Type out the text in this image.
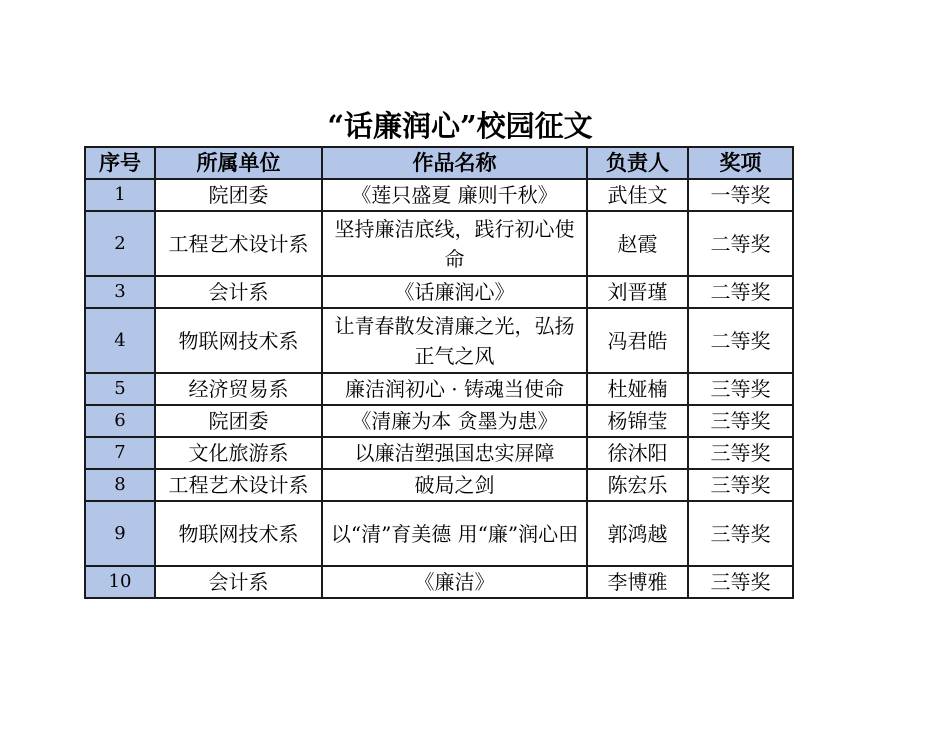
“话廉润心”校园征文
序号	所属单位	作品名称	负责人	奖项
1	院团委	《莲只盛夏 廉则千秋》	武佳文	一等奖
2	工程艺术设计系	坚持廉洁底线，践行初心使命	赵霞	二等奖
3	会计系	《话廉润心》	刘晋瑾	二等奖
4	物联网技术系	让青春散发清廉之光，弘扬正气之风	冯君皓	二等奖
5	经济贸易系	廉洁润初心 · 铸魂当使命	杜娅楠	三等奖
6	院团委	《清廉为本 贪墨为患》	杨锦莹	三等奖
7	文化旅游系	以廉洁塑强国忠实屏障	徐沐阳	三等奖
8	工程艺术设计系	破局之剑	陈宏乐	三等奖
9	物联网技术系	以“清”育美德 用“廉”润心田	郭鸿越	三等奖
10	会计系	《廉洁》	李博雅	三等奖
